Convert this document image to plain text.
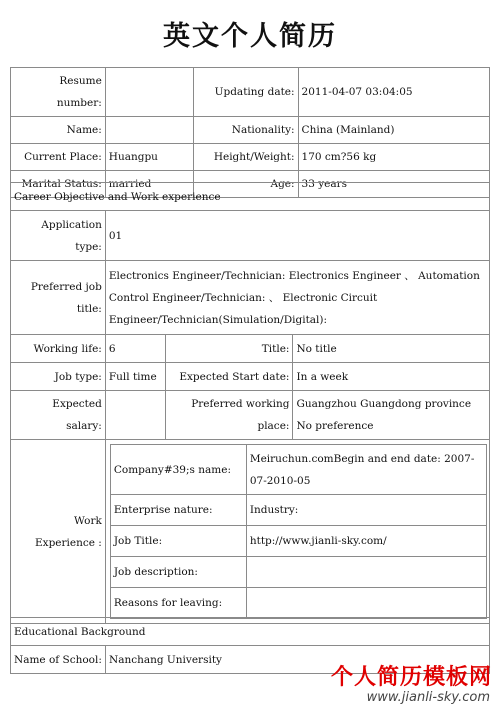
英文个人简历
Resume number:		Updating date:	2011-04-07 03:04:05
Name:		Nationality:	China (Mainland)
Current Place:	Huangpu	Height/Weight:	170 cm?56 kg
Marital Status:	married	Age:	33 years
Career Objective and Work experience
Application type:	01
Preferred job title:	Electronics Engineer/Technician: Electronics Engineer 、 Automation Control Engineer/Technician: 、 Electronic Circuit Engineer/Technician(Simulation/Digital):
Working life:	6	Title:	No title
Job type:	Full time	Expected Start date:	In a week
Expected salary:		Preferred working place:	Guangzhou Guangdong province No preference
Work Experience :	
Company#39;s name:	Meiruchun.comBegin and end date: 2007-07-2010-05
Enterprise nature:	Industry:
Job Title:	http://www.jianli-sky.com/
Job description:	
Reasons for leaving:	
Educational Background
Name of School:	Nanchang University
个人简历模板网
www.jianli-sky.com
